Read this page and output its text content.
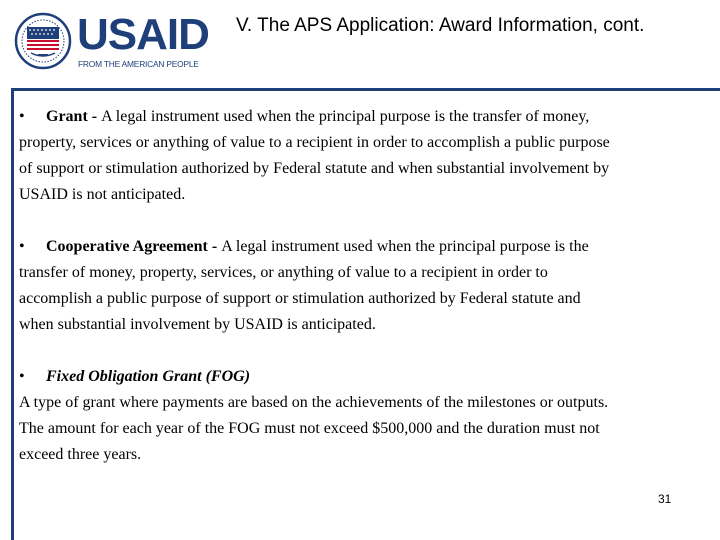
USAID
FROM THE AMERICAN PEOPLE
V. The APS Application: Award Information, cont.

• Grant - A legal instrument used when the principal purpose is the transfer of money, property, services or anything of value to a recipient in order to accomplish a public purpose of support or stimulation authorized by Federal statute and when substantial involvement by USAID is not anticipated.

• Cooperative Agreement - A legal instrument used when the principal purpose is the transfer of money, property, services, or anything of value to a recipient in order to accomplish a public purpose of support or stimulation authorized by Federal statute and when substantial involvement by USAID is anticipated.

• Fixed Obligation Grant (FOG)
A type of grant where payments are based on the achievements of the milestones or outputs. The amount for each year of the FOG must not exceed $500,000 and the duration must not exceed three years.

31
